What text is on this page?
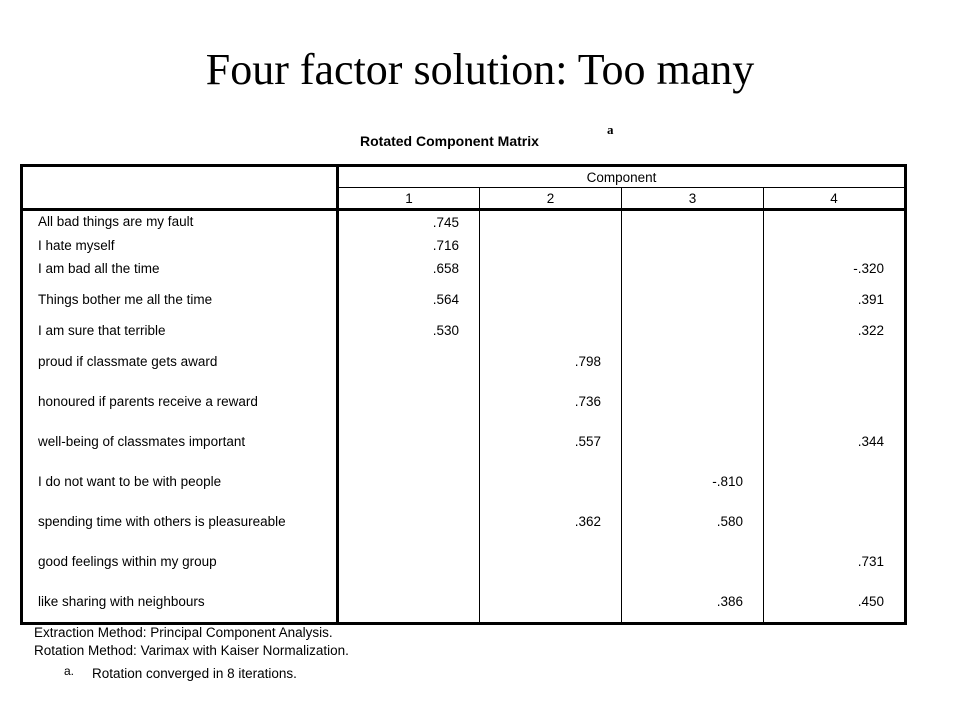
Four factor solution: Too many
Rotated Component Matrix
a
	Component			
	1	2	3	4
All bad things are my fault	.745			
I hate myself	.716			
I am bad all the time	.658			-.320
Things bother me all the time	.564			.391
I am sure that terrible	.530			.322
proud if classmate gets award		.798		
honoured if parents receive a reward		.736		
well-being of classmates important		.557		.344
I do not want to be with people			-.810	
spending time with others is pleasureable		.362	.580	
good feelings within my group				.731
like sharing with neighbours			.386	.450
Extraction Method: Principal Component Analysis.
Rotation Method: Varimax with Kaiser Normalization.
a. Rotation converged in 8 iterations.
